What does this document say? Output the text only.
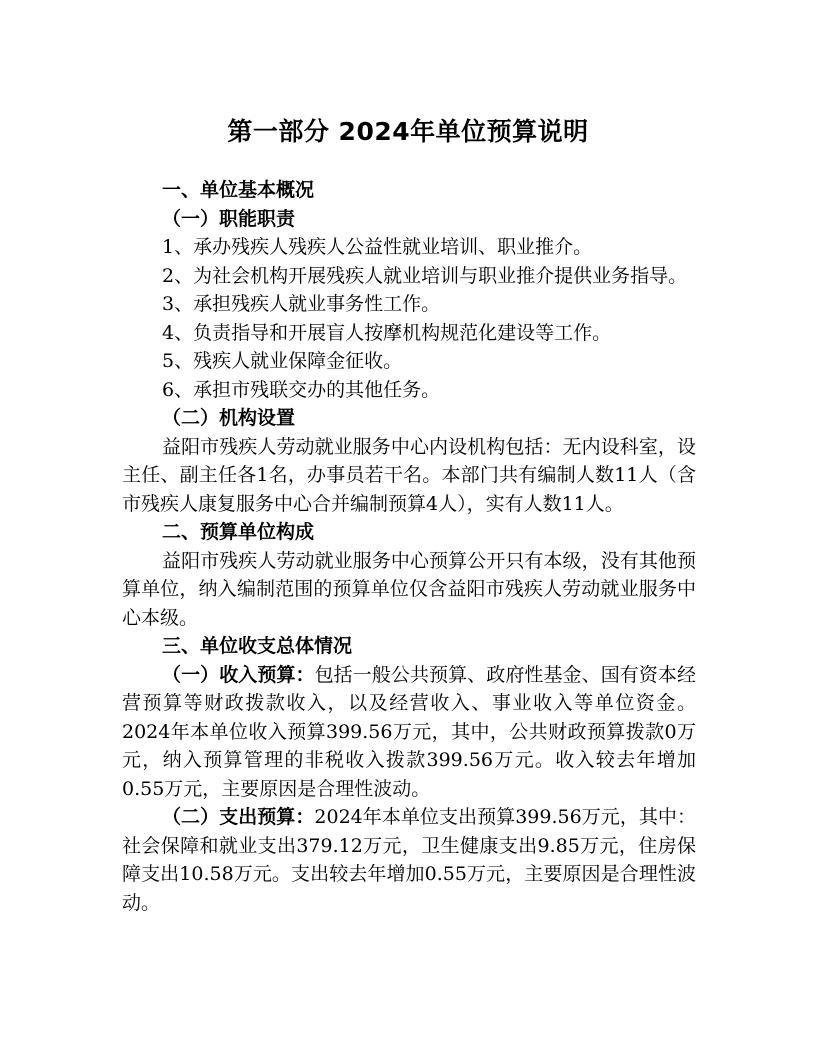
第一部分 2024年单位预算说明

一、单位基本概况

（一）职能职责

1、承办残疾人残疾人公益性就业培训、职业推介。

2、为社会机构开展残疾人就业培训与职业推介提供业务指导。

3、承担残疾人就业事务性工作。

4、负责指导和开展盲人按摩机构规范化建设等工作。

5、残疾人就业保障金征收。

6、承担市残联交办的其他任务。

（二）机构设置

益阳市残疾人劳动就业服务中心内设机构包括：无内设科室，设主任、副主任各1名，办事员若干名。本部门共有编制人数11人（含市残疾人康复服务中心合并编制预算4人），实有人数11人。

二、预算单位构成

益阳市残疾人劳动就业服务中心预算公开只有本级，没有其他预算单位，纳入编制范围的预算单位仅含益阳市残疾人劳动就业服务中心本级。

三、单位收支总体情况

（一）收入预算：包括一般公共预算、政府性基金、国有资本经营预算等财政拨款收入，以及经营收入、事业收入等单位资金。2024年本单位收入预算399.56万元，其中，公共财政预算拨款0万元，纳入预算管理的非税收入拨款399.56万元。收入较去年增加0.55万元，主要原因是合理性波动。

（二）支出预算：2024年本单位支出预算399.56万元，其中：社会保障和就业支出379.12万元，卫生健康支出9.85万元，住房保障支出10.58万元。支出较去年增加0.55万元，主要原因是合理性波动。
